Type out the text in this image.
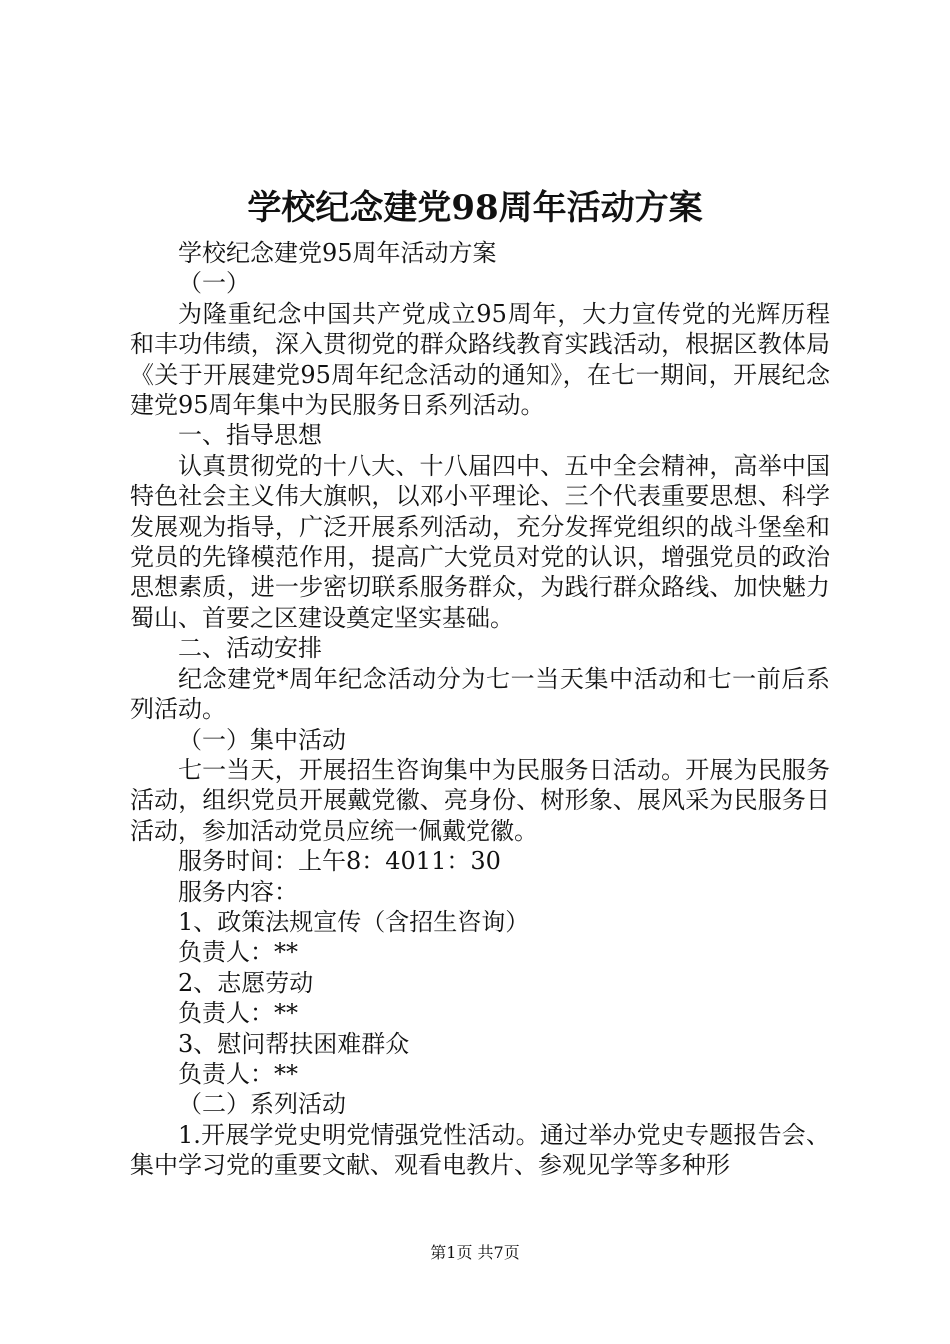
学校纪念建党98周年活动方案

学校纪念建党95周年活动方案

（一）

为隆重纪念中国共产党成立95周年，大力宣传党的光辉历程和丰功伟绩，深入贯彻党的群众路线教育实践活动，根据区教体局《关于开展建党95周年纪念活动的通知》，在七一期间，开展纪念建党95周年集中为民服务日系列活动。

一、指导思想

认真贯彻党的十八大、十八届四中、五中全会精神，高举中国特色社会主义伟大旗帜，以邓小平理论、三个代表重要思想、科学发展观为指导，广泛开展系列活动，充分发挥党组织的战斗堡垒和党员的先锋模范作用，提高广大党员对党的认识，增强党员的政治思想素质，进一步密切联系服务群众，为践行群众路线、加快魅力蜀山、首要之区建设奠定坚实基础。

二、活动安排

纪念建党*周年纪念活动分为七一当天集中活动和七一前后系列活动。

（一）集中活动

七一当天，开展招生咨询集中为民服务日活动。开展为民服务活动，组织党员开展戴党徽、亮身份、树形象、展风采为民服务日活动，参加活动党员应统一佩戴党徽。

服务时间：上午8：4011：30

服务内容：

1、政策法规宣传（含招生咨询）

负责人：**

2、志愿劳动

负责人：**

3、慰问帮扶困难群众

负责人：**

（二）系列活动

1.开展学党史明党情强党性活动。通过举办党史专题报告会、集中学习党的重要文献、观看电教片、参观见学等多种形

第1页 共7页
